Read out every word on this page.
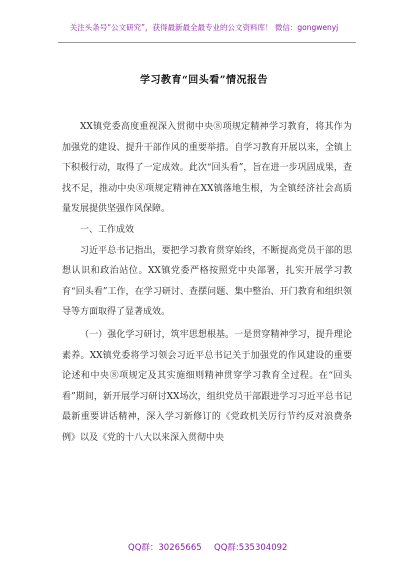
关注头条号“公文研究”，获得最新最全最专业的公文资料库！ 微信：gongwenyj
学习教育“回头看”情况报告

XX镇党委高度重视深入贯彻中央⑧项规定精神学习教育，将其作为加强党的建设、提升干部作风的重要举措。自学习教育开展以来，全镇上下积极行动，取得了一定成效。此次“回头看”，旨在进一步巩固成果，查找不足，推动中央⑧项规定精神在XX镇落地生根，为全镇经济社会高质量发展提供坚强作风保障。

一、工作成效

习近平总书记指出，要把学习教育贯穿始终，不断提高党员干部的思想认识和政治站位。XX镇党委严格按照党中央部署，扎实开展学习教育“回头看”工作，在学习研讨、查摆问题、集中整治、开门教育和组织领导等方面取得了显著成效。

（一）强化学习研讨，筑牢思想根基。一是贯穿精神学习，提升理论素养。XX镇党委将学习领会习近平总书记关于加强党的作风建设的重要论述和中央⑧项规定及其实施细则精神贯穿学习教育全过程。在“回头看”期间，新开展学习研讨XX场次，组织党员干部跟进学习习近平总书记最新重要讲话精神，深入学习新修订的《党政机关厉行节约反对浪费条例》以及《党的十八大以来深入贯彻中央

QQ群：30265665 QQ群:535304092
